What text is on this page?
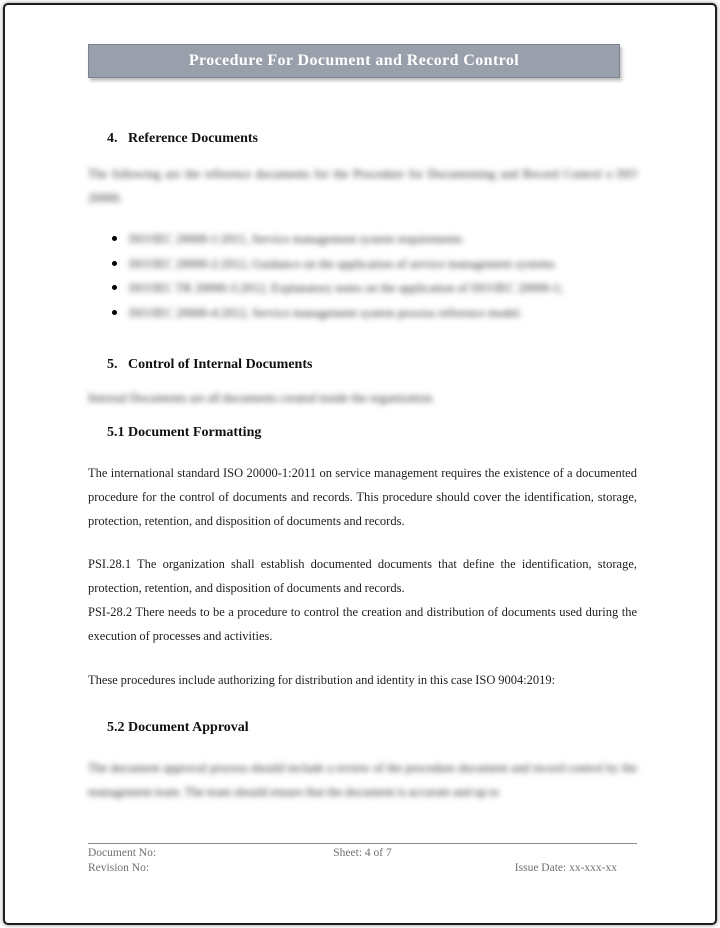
Procedure For Document and Record Control
4. Reference Documents

The following are the reference documents for the Procedure for Documenting and Record Control o ISO 20000.

ISO/IEC 20000-1:2011, Service management system requirements
ISO/IEC 20000-2:2012, Guidance on the application of service management systems
ISO/IEC TR 20000-3:2012, Explanatory notes on the application of ISO/IEC 20000-1;
ISO/IEC 20000-4:2012, Service management system process reference model.
5. Control of Internal Documents

Internal Documents are all documents created inside the organization.

5.1 Document Formatting

The international standard ISO 20000-1:2011 on service management requires the existence of a documented procedure for the control of documents and records. This procedure should cover the identification, storage, protection, retention, and disposition of documents and records.

PSI.28.1 The organization shall establish documented documents that define the identification, storage, protection, retention, and disposition of documents and records.

PSI-28.2 There needs to be a procedure to control the creation and distribution of documents used during the execution of processes and activities.

These procedures include authorizing for distribution and identity in this case ISO 9004:2019:

5.2 Document Approval

The document approval process should include a review of the procedure document and record control by the management team. The team should ensure that the document is accurate and up to

Document No:	Sheet: 4 of 7
Revision No:	Issue Date: xx-xxx-xx
